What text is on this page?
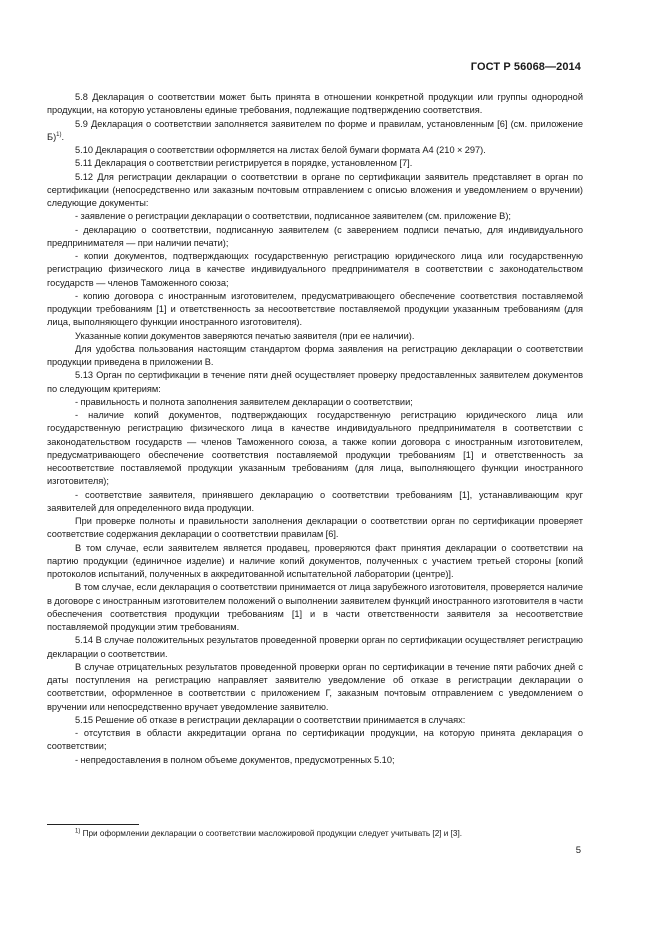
ГОСТ Р 56068—2014

5.8 Декларация о соответствии может быть принята в отношении конкретной продукции или группы однородной продукции, на которую установлены единые требования, подлежащие подтверждению соответствия.

5.9 Декларация о соответствии заполняется заявителем по форме и правилам, установленным [6] (см. приложение Б)$^{1)}$.

5.10 Декларация о соответствии оформляется на листах белой бумаги формата А4 (210 × 297).

5.11 Декларация о соответствии регистрируется в порядке, установленном [7].

5.12 Для регистрации декларации о соответствии в органе по сертификации заявитель представляет в орган по сертификации (непосредственно или заказным почтовым отправлением с описью вложения и уведомлением о вручении) следующие документы:

- заявление о регистрации декларации о соответствии, подписанное заявителем (см. приложение В);

- декларацию о соответствии, подписанную заявителем (с заверением подписи печатью, для индивидуального предпринимателя — при наличии печати);

- копии документов, подтверждающих государственную регистрацию юридического лица или государственную регистрацию физического лица в качестве индивидуального предпринимателя в соответствии с законодательством государств — членов Таможенного союза;

- копию договора с иностранным изготовителем, предусматривающего обеспечение соответствия поставляемой продукции требованиям [1] и ответственность за несоответствие поставляемой продукции указанным требованиям (для лица, выполняющего функции иностранного изготовителя).

Указанные копии документов заверяются печатью заявителя (при ее наличии).

Для удобства пользования настоящим стандартом форма заявления на регистрацию декларации о соответствии продукции приведена в приложении В.

5.13 Орган по сертификации в течение пяти дней осуществляет проверку предоставленных заявителем документов по следующим критериям:

- правильность и полнота заполнения заявителем декларации о соответствии;

- наличие копий документов, подтверждающих государственную регистрацию юридического лица или государственную регистрацию физического лица в качестве индивидуального предпринимателя в соответствии с законодательством государств — членов Таможенного союза, а также копии договора с иностранным изготовителем, предусматривающего обеспечение соответствия поставляемой продукции требованиям [1] и ответственность за несоответствие поставляемой продукции указанным требованиям (для лица, выполняющего функции иностранного изготовителя);

- соответствие заявителя, принявшего декларацию о соответствии требованиям [1], устанавливающим круг заявителей для определенного вида продукции.

При проверке полноты и правильности заполнения декларации о соответствии орган по сертификации проверяет соответствие содержания декларации о соответствии правилам [6].

В том случае, если заявителем является продавец, проверяются факт принятия декларации о соответствии на партию продукции (единичное изделие) и наличие копий документов, полученных с участием третьей стороны [копий протоколов испытаний, полученных в аккредитованной испытательной лаборатории (центре)].

В том случае, если декларация о соответствии принимается от лица зарубежного изготовителя, проверяется наличие в договоре с иностранным изготовителем положений о выполнении заявителем функций иностранного изготовителя в части обеспечения соответствия продукции требованиям [1] и в части ответственности заявителя за несоответствие поставляемой продукции этим требованиям.

5.14 В случае положительных результатов проведенной проверки орган по сертификации осуществляет регистрацию декларации о соответствии.

В случае отрицательных результатов проведенной проверки орган по сертификации в течение пяти рабочих дней с даты поступления на регистрацию направляет заявителю уведомление об отказе в регистрации декларации о соответствии, оформленное в соответствии с приложением Г, заказным почтовым отправлением с уведомлением о вручении или непосредственно вручает уведомление заявителю.

5.15 Решение об отказе в регистрации декларации о соответствии принимается в случаях:

- отсутствия в области аккредитации органа по сертификации продукции, на которую принята декларация о соответствии;

- непредоставления в полном объеме документов, предусмотренных 5.10;

$^{1)}$ При оформлении декларации о соответствии масложировой продукции следует учитывать [2] и [3].
5
